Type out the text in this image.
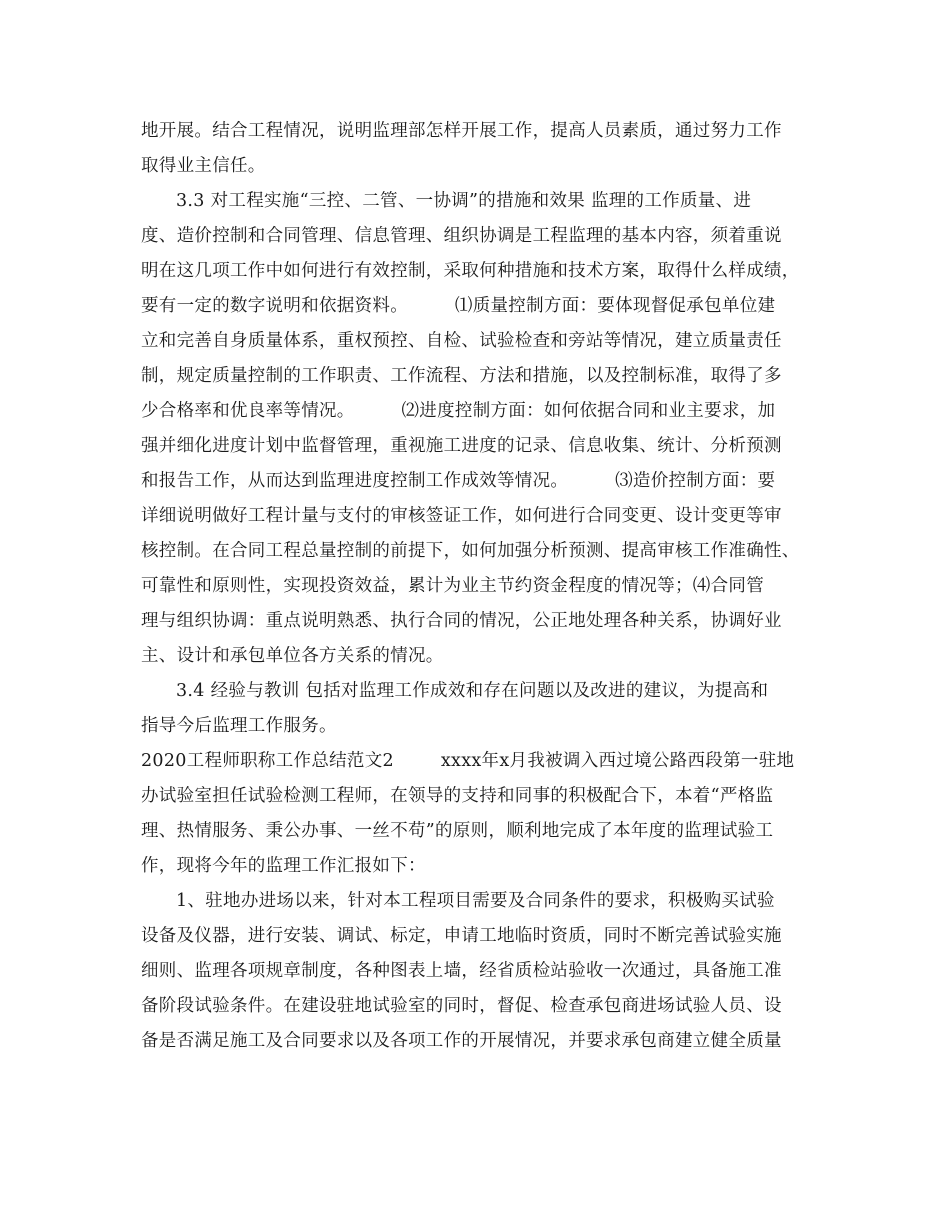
地开展。结合工程情况，说明监理部怎样开展工作，提高人员素质，通过努力工作
取得业主信任。
3.3 对工程实施“三控、二管、一协调”的措施和效果 监理的工作质量、进
度、造价控制和合同管理、信息管理、组织协调是工程监理的基本内容，须着重说
明在这几项工作中如何进行有效控制，采取何种措施和技术方案，取得什么样成绩，
要有一定的数字说明和依据资料。        ⑴质量控制方面：要体现督促承包单位建
立和完善自身质量体系，重权预控、自检、试验检查和旁站等情况，建立质量责任
制，规定质量控制的工作职责、工作流程、方法和措施，以及控制标准，取得了多
少合格率和优良率等情况。        ⑵进度控制方面：如何依据合同和业主要求，加
强并细化进度计划中监督管理，重视施工进度的记录、信息收集、统计、分析预测
和报告工作，从而达到监理进度控制工作成效等情况。        ⑶造价控制方面：要
详细说明做好工程计量与支付的审核签证工作，如何进行合同变更、设计变更等审
核控制。在合同工程总量控制的前提下，如何加强分析预测、提高审核工作准确性、
可靠性和原则性，实现投资效益，累计为业主节约资金程度的情况等；⑷合同管
理与组织协调：重点说明熟悉、执行合同的情况，公正地处理各种关系，协调好业
主、设计和承包单位各方关系的情况。
3.4 经验与教训 包括对监理工作成效和存在问题以及改进的建议，为提高和
指导今后监理工作服务。
2020工程师职称工作总结范文2        xxxx年x月我被调入西过境公路西段第一驻地
办试验室担任试验检测工程师，在领导的支持和同事的积极配合下，本着“严格监
理、热情服务、秉公办事、一丝不苟”的原则，顺利地完成了本年度的监理试验工
作，现将今年的监理工作汇报如下：
1、驻地办进场以来，针对本工程项目需要及合同条件的要求，积极购买试验
设备及仪器，进行安装、调试、标定，申请工地临时资质，同时不断完善试验实施
细则、监理各项规章制度，各种图表上墙，经省质检站验收一次通过，具备施工准
备阶段试验条件。在建设驻地试验室的同时，督促、检查承包商进场试验人员、设
备是否满足施工及合同要求以及各项工作的开展情况，并要求承包商建立健全质量
